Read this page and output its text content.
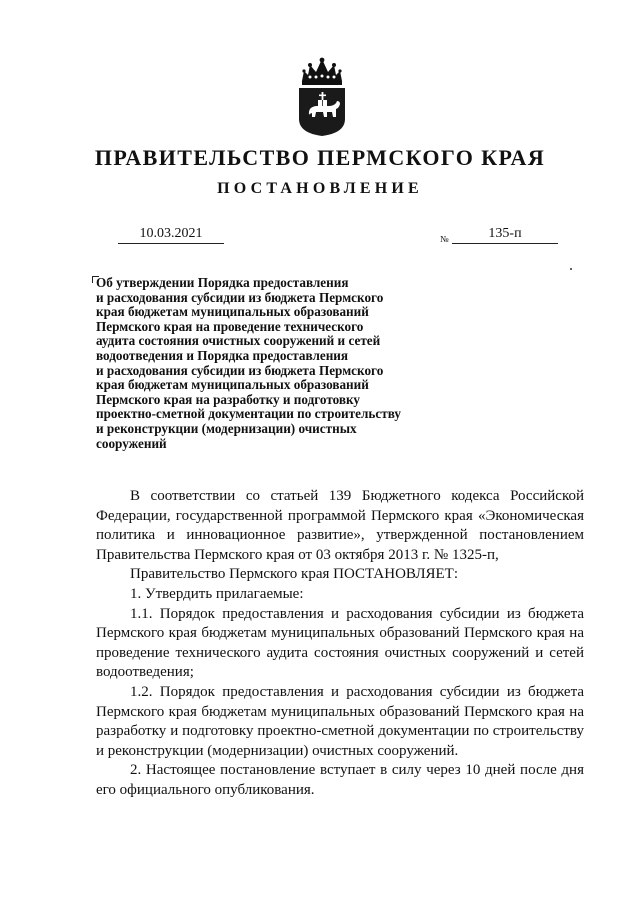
ПРАВИТЕЛЬСТВО ПЕРМСКОГО КРАЯ
ПОСТАНОВЛЕНИЕ
10.03.2021	№	135-п
Об утверждении Порядка предоставления
и расходования субсидии из бюджета Пермского
края бюджетам муниципальных образований
Пермского края на проведение технического
аудита состояния очистных сооружений и сетей
водоотведения и Порядка предоставления
и расходования субсидии из бюджета Пермского
края бюджетам муниципальных образований
Пермского края на разработку и подготовку
проектно-сметной документации по строительству
и реконструкции (модернизации) очистных
сооружений

В соответствии со статьей 139 Бюджетного кодекса Российской Федерации, государственной программой Пермского края «Экономическая политика и инновационное развитие», утвержденной постановлением Правительства Пермского края от 03 октября 2013 г. № 1325-п,

Правительство Пермского края ПОСТАНОВЛЯЕТ:

1. Утвердить прилагаемые:

1.1. Порядок предоставления и расходования субсидии из бюджета Пермского края бюджетам муниципальных образований Пермского края на проведение технического аудита состояния очистных сооружений и сетей водоотведения;

1.2. Порядок предоставления и расходования субсидии из бюджета Пермского края бюджетам муниципальных образований Пермского края на разработку и подготовку проектно-сметной документации по строительству и реконструкции (модернизации) очистных сооружений.

2. Настоящее постановление вступает в силу через 10 дней после дня его официального опубликования.
